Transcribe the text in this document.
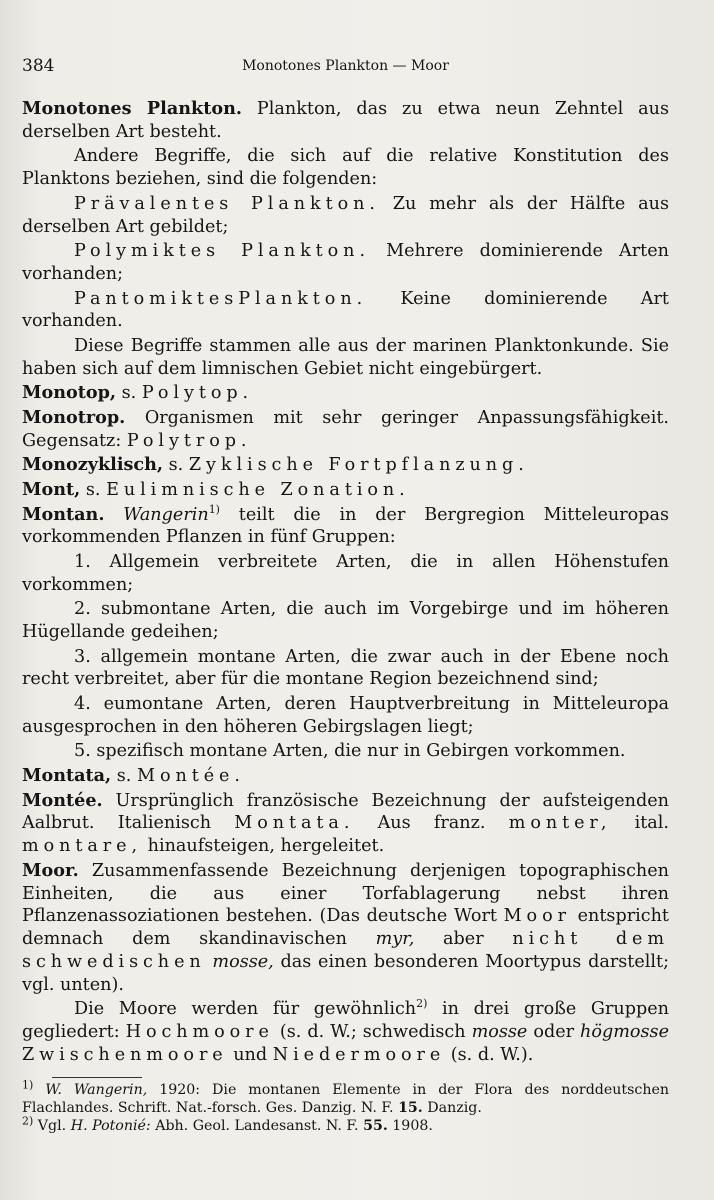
384	Monotones Plankton — Moor
Monotones Plankton. Plankton, das zu etwa neun Zehntel aus derselben Art besteht.
Andere Begriffe, die sich auf die relative Konstitution des Planktons beziehen, sind die folgenden:
Prävalentes Plankton. Zu mehr als der Hälfte aus derselben Art gebildet;
Polymiktes Plankton. Mehrere dominierende Arten vorhanden;
PantomiktesPlankton. Keine dominierende Art vorhanden.
Diese Begriffe stammen alle aus der marinen Planktonkunde. Sie haben sich auf dem limnischen Gebiet nicht eingebürgert.
Monotop, s. Polytop.
Monotrop. Organismen mit sehr geringer Anpassungsfähigkeit. Gegensatz: Polytrop.
Monozyklisch, s. Zyklische Fortpflanzung.
Mont, s. Eulimnische Zonation.
Montan. Wangerin$^{1)}$ teilt die in der Bergregion Mitteleuropas vorkommenden Pflanzen in fünf Gruppen:
1. Allgemein verbreitete Arten, die in allen Höhenstufen vorkommen;
2. submontane Arten, die auch im Vorgebirge und im höheren Hügellande gedeihen;
3. allgemein montane Arten, die zwar auch in der Ebene noch recht verbreitet, aber für die montane Region bezeichnend sind;
4. eumontane Arten, deren Hauptverbreitung in Mitteleuropa ausgesprochen in den höheren Gebirgslagen liegt;
5. spezifisch montane Arten, die nur in Gebirgen vorkommen.
Montata, s. Montée.
Montée. Ursprünglich französische Bezeichnung der aufsteigenden Aalbrut. Italienisch Montata. Aus franz. monter, ital. montare, hinaufsteigen, hergeleitet.
Moor. Zusammenfassende Bezeichnung derjenigen topographischen Einheiten, die aus einer Torfablagerung nebst ihren Pflanzenassoziationen bestehen. (Das deutsche Wort Moor entspricht demnach dem skandinavischen myr, aber nicht dem schwedischen mosse, das einen besonderen Moortypus darstellt; vgl. unten).
Die Moore werden für gewöhnlich$^{2)}$ in drei große Gruppen gegliedert: Hochmoore (s. d. W.; schwedisch mosse oder högmosse Zwischenmoore und Niedermoore (s. d. W.).
$^{1)}$ W. Wangerin, 1920: Die montanen Elemente in der Flora des norddeutschen Flachlandes. Schrift. Nat.-forsch. Ges. Danzig. N. F. 15. Danzig.
$^{2)}$ Vgl. H. Potonié: Abh. Geol. Landesanst. N. F. 55. 1908.
